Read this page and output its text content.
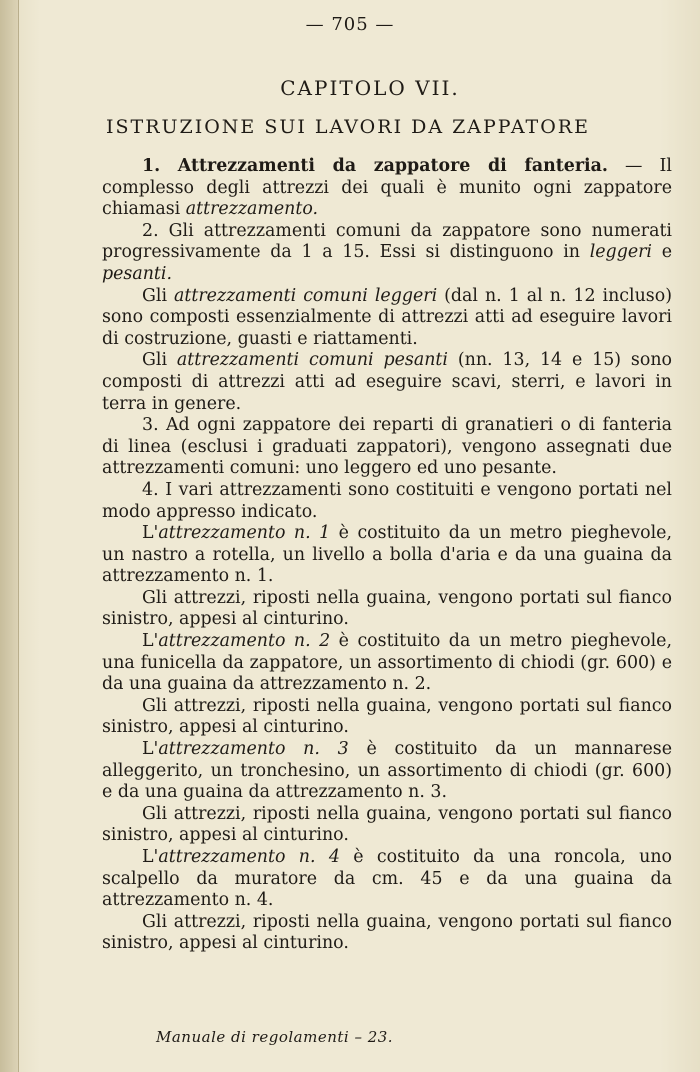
— 705 —
CAPITOLO VII.
ISTRUZIONE SUI LAVORI DA ZAPPATORE

1. Attrezzamenti da zappatore di fanteria. — Il complesso degli attrezzi dei quali è munito ogni zappatore chiamasi attrezzamento.

2. Gli attrezzamenti comuni da zappatore sono numerati progressivamente da 1 a 15. Essi si distinguono in leggeri e pesanti.

Gli attrezzamenti comuni leggeri (dal n. 1 al n. 12 incluso) sono composti essenzialmente di attrezzi atti ad eseguire lavori di costruzione, guasti e riattamenti.

Gli attrezzamenti comuni pesanti (nn. 13, 14 e 15) sono composti di attrezzi atti ad eseguire scavi, sterri, e lavori in terra in genere.

3. Ad ogni zappatore dei reparti di granatieri o di fanteria di linea (esclusi i graduati zappatori), vengono assegnati due attrezzamenti comuni: uno leggero ed uno pesante.

4. I vari attrezzamenti sono costituiti e vengono portati nel modo appresso indicato.

L'attrezzamento n. 1 è costituito da un metro pieghevole, un nastro a rotella, un livello a bolla d'aria e da una guaina da attrezzamento n. 1.

Gli attrezzi, riposti nella guaina, vengono portati sul fianco sinistro, appesi al cinturino.

L'attrezzamento n. 2 è costituito da un metro pieghevole, una funicella da zappatore, un assortimento di chiodi (gr. 600) e da una guaina da attrezzamento n. 2.

Gli attrezzi, riposti nella guaina, vengono portati sul fianco sinistro, appesi al cinturino.

L'attrezzamento n. 3 è costituito da un mannarese alleggerito, un tronchesino, un assortimento di chiodi (gr. 600) e da una guaina da attrezzamento n. 3.

Gli attrezzi, riposti nella guaina, vengono portati sul fianco sinistro, appesi al cinturino.

L'attrezzamento n. 4 è costituito da una roncola, uno scalpello da muratore da cm. 45 e da una guaina da attrezzamento n. 4.

Gli attrezzi, riposti nella guaina, vengono portati sul fianco sinistro, appesi al cinturino.

Manuale di regolamenti – 23.
